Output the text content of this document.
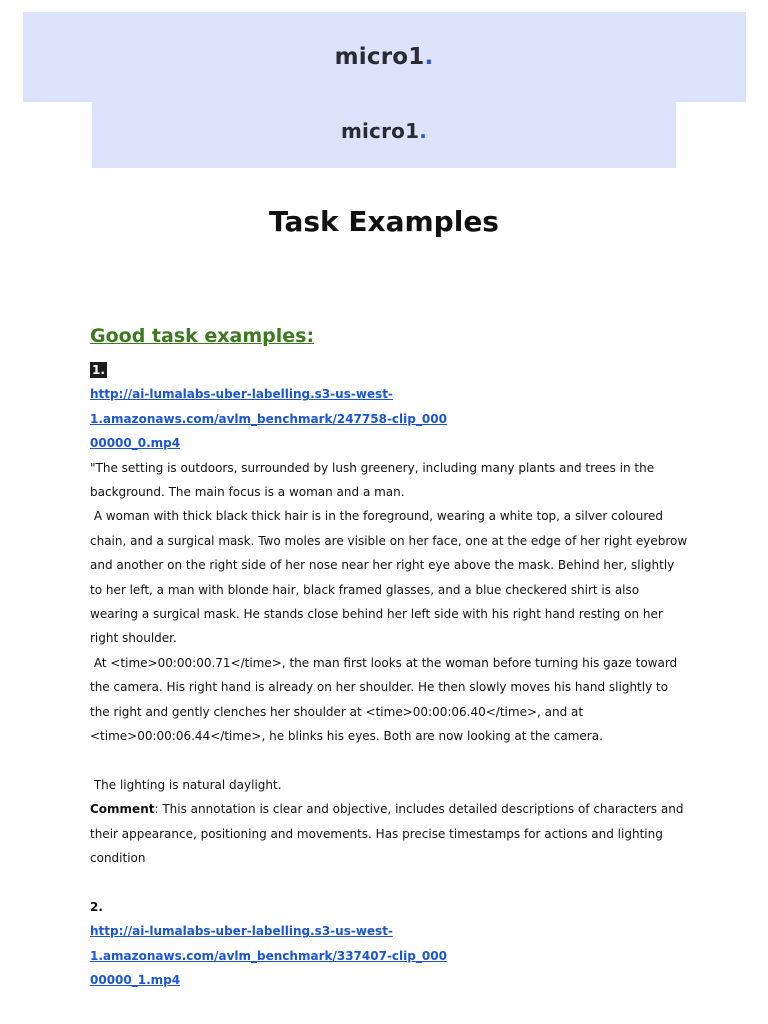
micro1.
micro1.
Task Examples
Good task examples:

1.

http://ai-lumalabs-uber-labelling.s3-us-west-1.amazonaws.com/avlm_benchmark/247758-clip_000
00000_0.mp4

"The setting is outdoors, surrounded by lush greenery, including many plants and trees in the background. The main focus is a woman and a man.

A woman with thick black thick hair is in the foreground, wearing a white top, a silver coloured chain, and a surgical mask. Two moles are visible on her face, one at the edge of her right eyebrow and another on the right side of her nose near her right eye above the mask. Behind her, slightly to her left, a man with blonde hair, black framed glasses, and a blue checkered shirt is also wearing a surgical mask. He stands close behind her left side with his right hand resting on her right shoulder.

At <time>00:00:00.71</time>, the man first looks at the woman before turning his gaze toward the camera. His right hand is already on her shoulder. He then slowly moves his hand slightly to the right and gently clenches her shoulder at <time>00:00:06.40</time>, and at <time>00:00:06.44</time>, he blinks his eyes. Both are now looking at the camera.

The lighting is natural daylight.

Comment: This annotation is clear and objective, includes detailed descriptions of characters and their appearance, positioning and movements. Has precise timestamps for actions and lighting condition

2.

http://ai-lumalabs-uber-labelling.s3-us-west-1.amazonaws.com/avlm_benchmark/337407-clip_000
00000_1.mp4
